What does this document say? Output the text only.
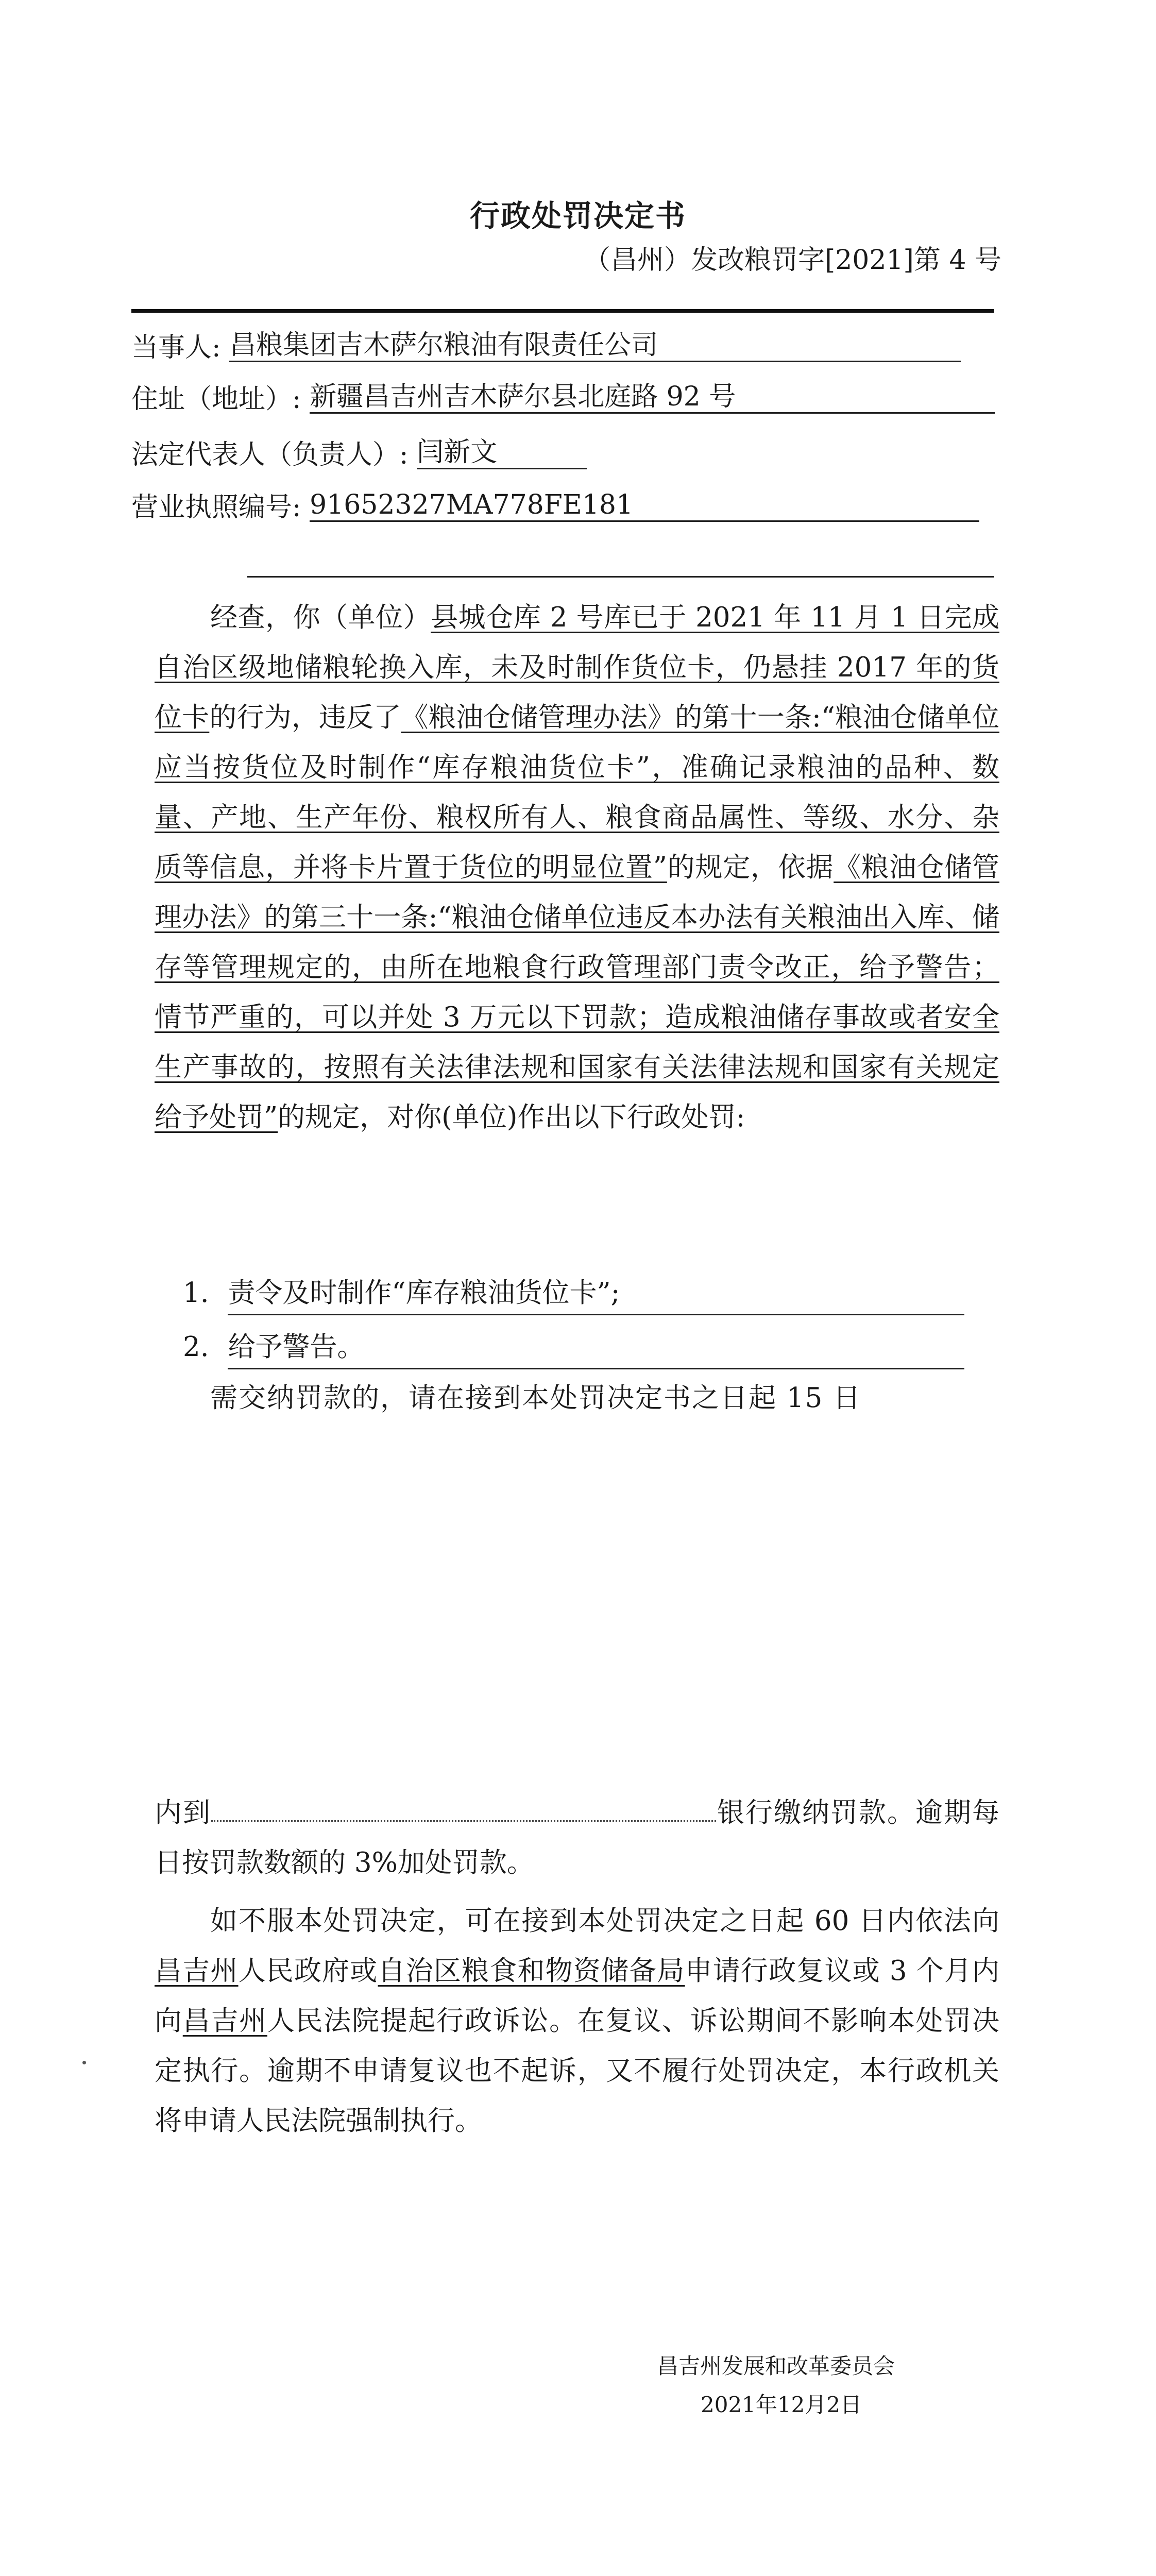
行政处罚决定书
（昌州）发改粮罚字[2021]第 4 号
当事人: 昌粮集团吉木萨尔粮油有限责任公司
住址（地址）: 新疆昌吉州吉木萨尔县北庭路 92 号
法定代表人（负责人）: 闫新文
营业执照编号: 91652327MA778FE181
经查，你（单位）县城仓库 2 号库已于 2021 年 11 月 1 日完成自治区级地储粮轮换入库，未及时制作货位卡，仍悬挂 2017 年的货位卡的行为，违反了《粮油仓储管理办法》的第十一条:“粮油仓储单位应当按货位及时制作“库存粮油货位卡”，准确记录粮油的品种、数量、产地、生产年份、粮权所有人、粮食商品属性、等级、水分、杂质等信息，并将卡片置于货位的明显位置”的规定，依据《粮油仓储管理办法》的第三十一条:“粮油仓储单位违反本办法有关粮油出入库、储存等管理规定的，由所在地粮食行政管理部门责令改正，给予警告；情节严重的，可以并处 3 万元以下罚款；造成粮油储存事故或者安全生产事故的，按照有关法律法规和国家有关法律法规和国家有关规定给予处罚”的规定，对你(单位)作出以下行政处罚:
1. 责令及时制作“库存粮油货位卡”;
2. 给予警告。
需交纳罚款的，请在接到本处罚决定书之日起 15 日
内到	银行缴纳罚款。逾期每日按罚款数额的 3%加处罚款。
如不服本处罚决定，可在接到本处罚决定之日起 60 日内依法向昌吉州人民政府或自治区粮食和物资储备局申请行政复议或 3 个月内向昌吉州人民法院提起行政诉讼。在复议、诉讼期间不影响本处罚决定执行。逾期不申请复议也不起诉，又不履行处罚决定，本行政机关将申请人民法院强制执行。
昌吉州发展和改革委员会
2021年12月2日
